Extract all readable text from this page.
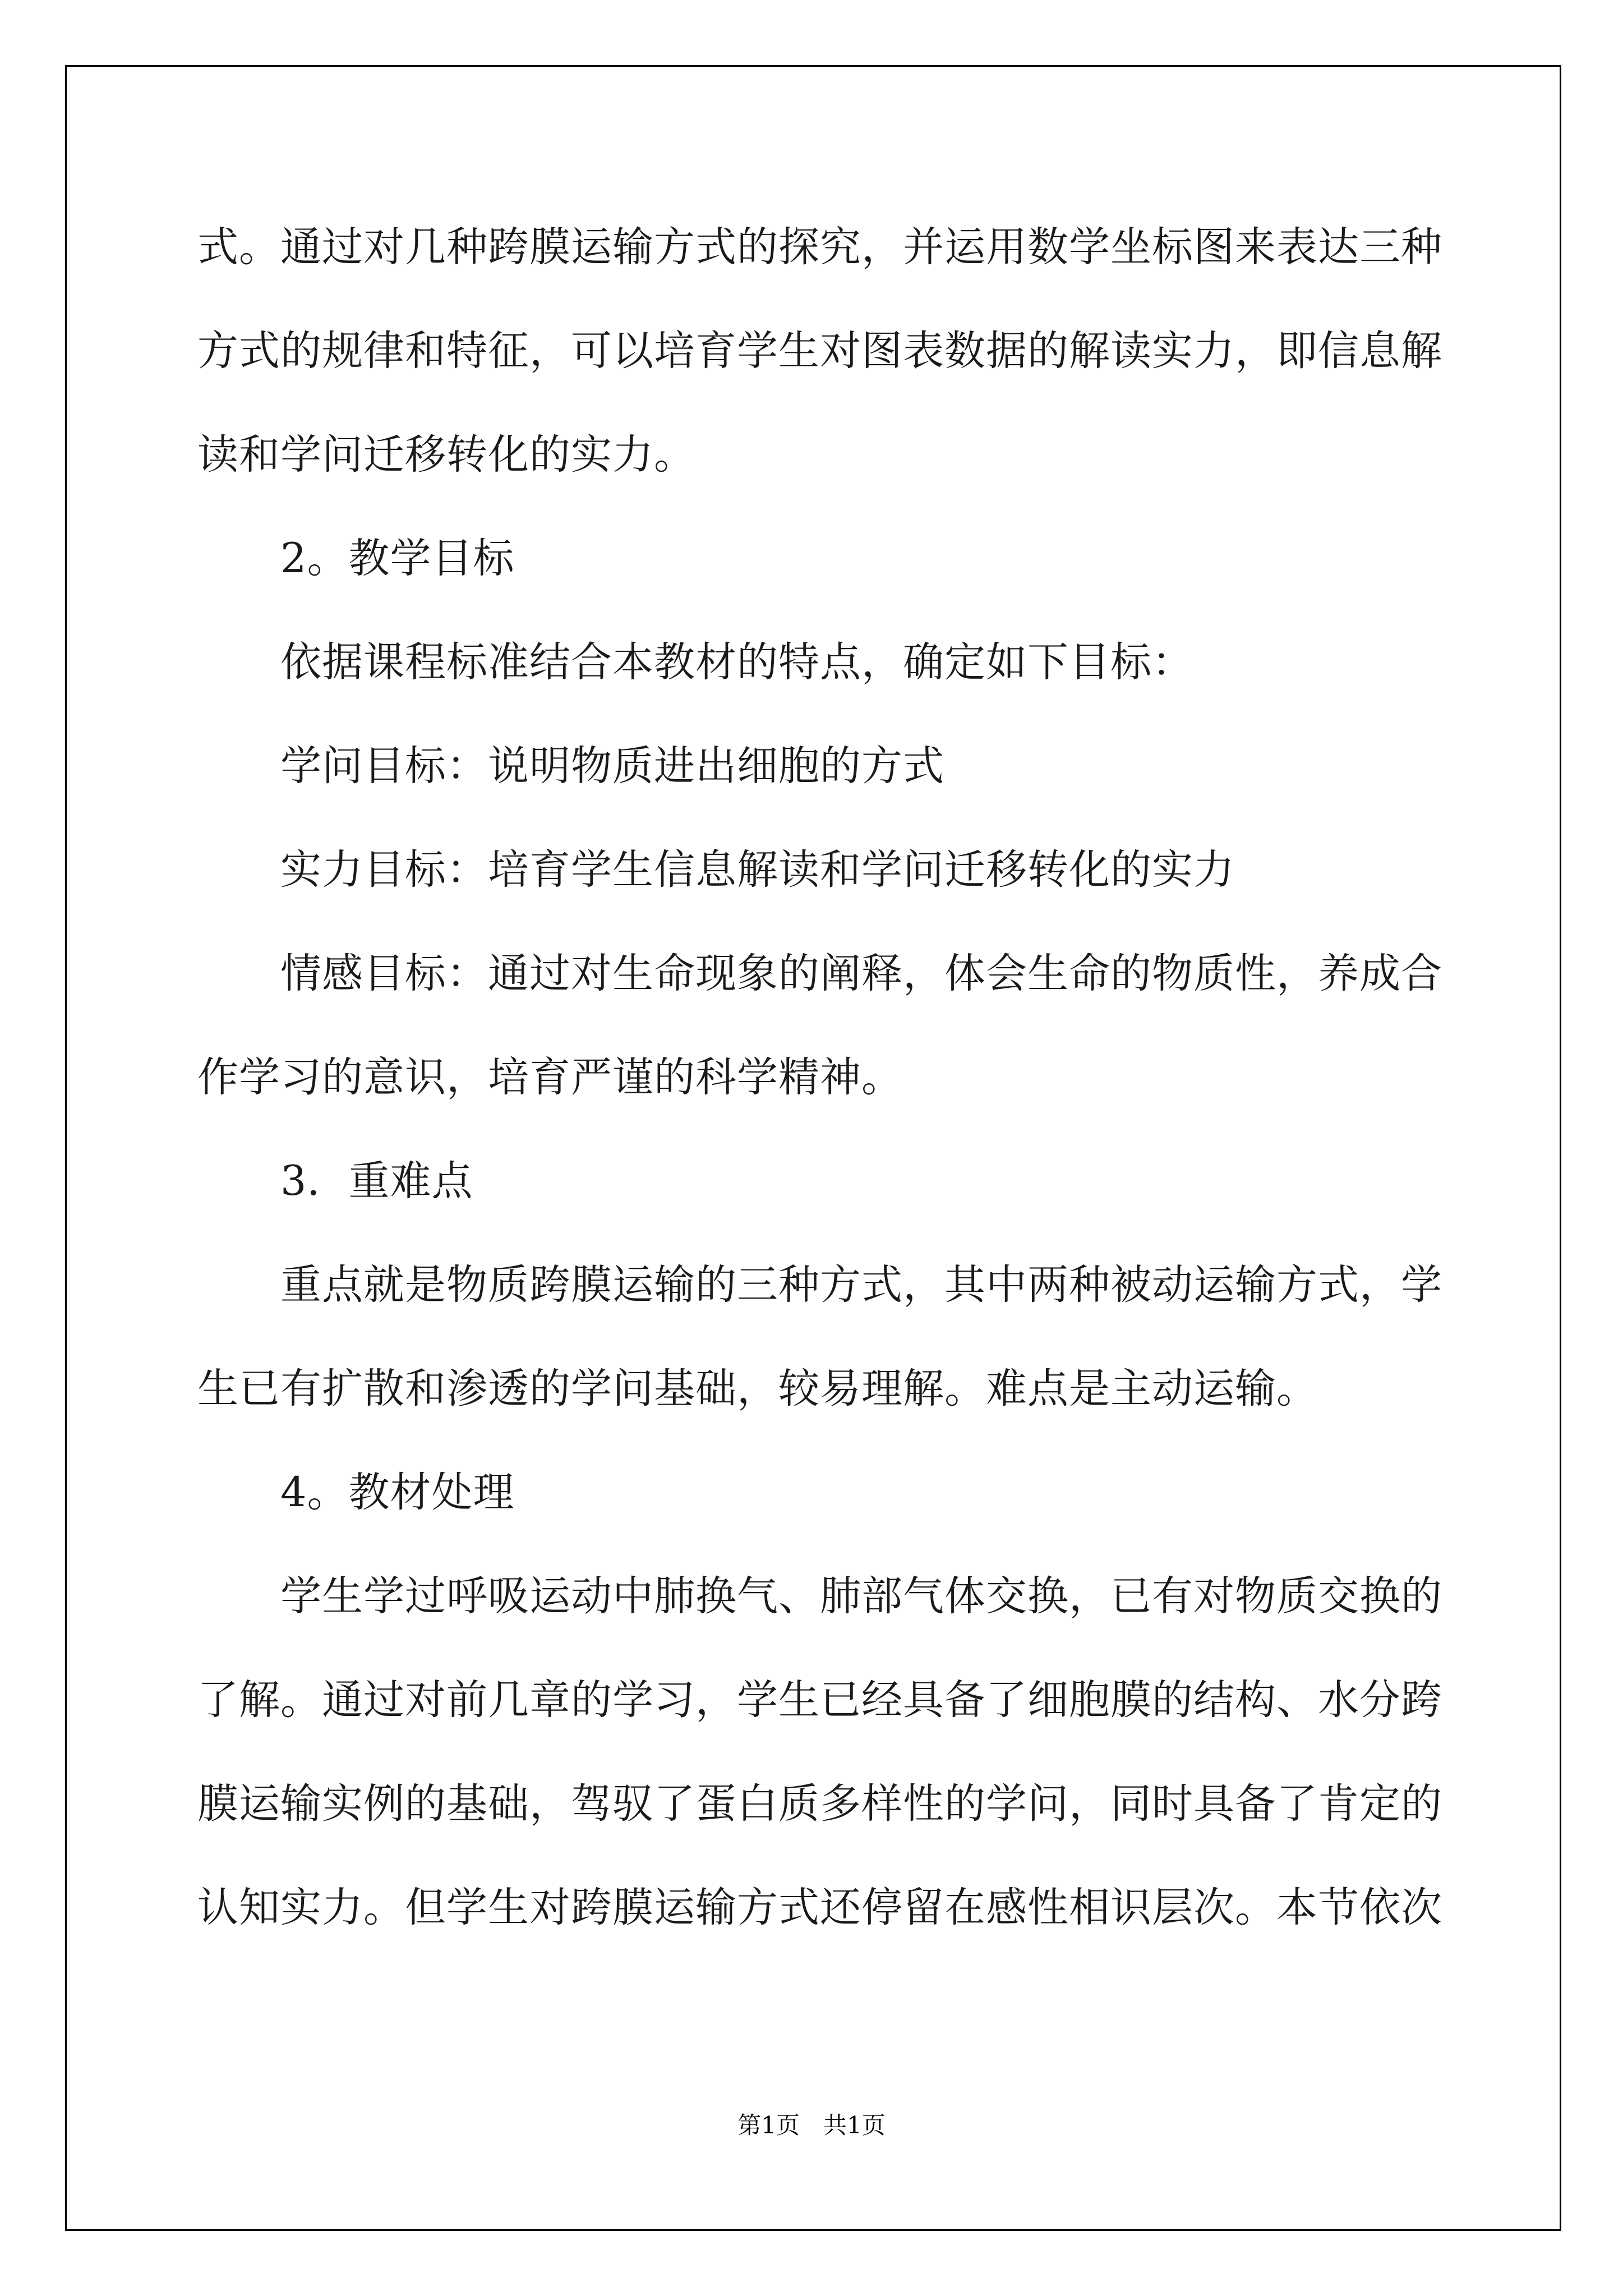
式。通过对几种跨膜运输方式的探究，并运用数学坐标图来表达三种

方式的规律和特征，可以培育学生对图表数据的解读实力，即信息解

读和学问迁移转化的实力。

2。教学目标

依据课程标准结合本教材的特点，确定如下目标：

学问目标：说明物质进出细胞的方式

实力目标：培育学生信息解读和学问迁移转化的实力

情感目标：通过对生命现象的阐释，体会生命的物质性，养成合

作学习的意识，培育严谨的科学精神。

3．重难点

重点就是物质跨膜运输的三种方式，其中两种被动运输方式，学

生已有扩散和渗透的学问基础，较易理解。难点是主动运输。

4。教材处理

学生学过呼吸运动中肺换气、肺部气体交换，已有对物质交换的

了解。通过对前几章的学习，学生已经具备了细胞膜的结构、水分跨

膜运输实例的基础，驾驭了蛋白质多样性的学问，同时具备了肯定的

认知实力。但学生对跨膜运输方式还停留在感性相识层次。本节依次

第1页　共1页
